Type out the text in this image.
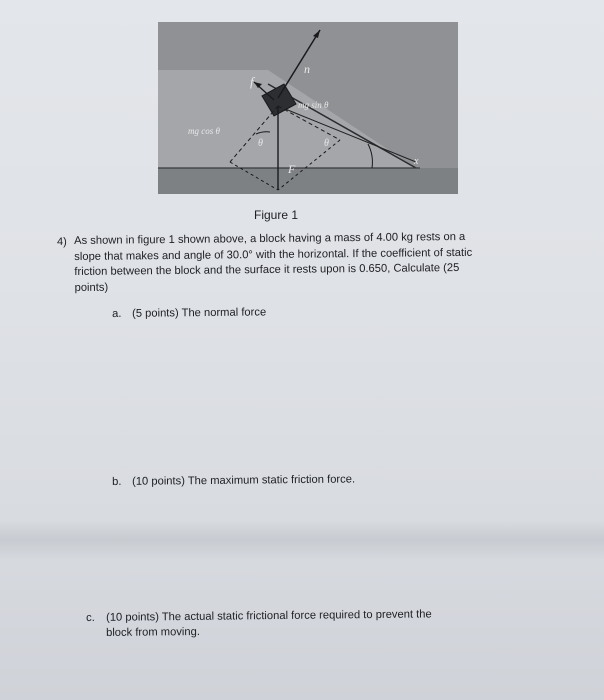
n
f
mg sin θ
mg cos θ
θ	θ
F
x
Figure 1
4) As shown in figure 1 shown above, a block having a mass of 4.00 kg rests on a
slope that makes and angle of 30.0° with the horizontal. If the coefficient of static
friction between the block and the surface it rests upon is 0.650, Calculate (25
points)
a. (5 points) The normal force
b. (10 points) The maximum static friction force.
c. (10 points) The actual static frictional force required to prevent the
block from moving.
